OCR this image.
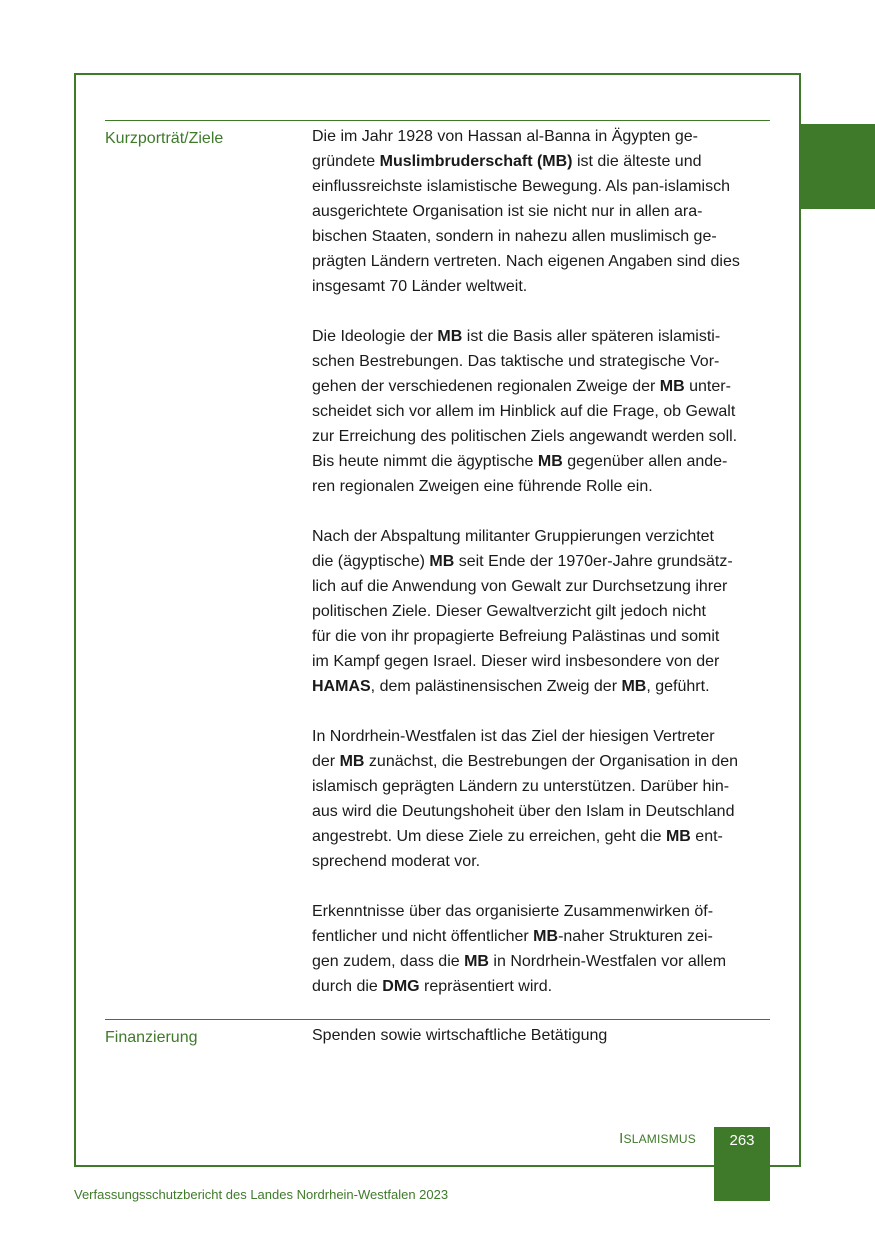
Kurzporträt/Ziele	Die im Jahr 1928 von Hassan al-Banna in Ägypten ge-
gründete Muslimbruderschaft (MB) ist die älteste und
einflussreichste islamistische Bewegung. Als pan-islamisch
ausgerichtete Organisation ist sie nicht nur in allen ara-
bischen Staaten, sondern in nahezu allen muslimisch ge-
prägten Ländern vertreten. Nach eigenen Angaben sind dies
insgesamt 70 Länder weltweit.

Die Ideologie der MB ist die Basis aller späteren islamisti-
schen Bestrebungen. Das taktische und strategische Vor-
gehen der verschiedenen regionalen Zweige der MB unter-
scheidet sich vor allem im Hinblick auf die Frage, ob Gewalt
zur Erreichung des politischen Ziels angewandt werden soll.
Bis heute nimmt die ägyptische MB gegenüber allen ande-
ren regionalen Zweigen eine führende Rolle ein.

Nach der Abspaltung militanter Gruppierungen verzichtet
die (ägyptische) MB seit Ende der 1970er-Jahre grundsätz-
lich auf die Anwendung von Gewalt zur Durchsetzung ihrer
politischen Ziele. Dieser Gewaltverzicht gilt jedoch nicht
für die von ihr propagierte Befreiung Palästinas und somit
im Kampf gegen Israel. Dieser wird insbesondere von der
HAMAS, dem palästinensischen Zweig der MB, geführt.

In Nordrhein-Westfalen ist das Ziel der hiesigen Vertreter
der MB zunächst, die Bestrebungen der Organisation in den
islamisch geprägten Ländern zu unterstützen. Darüber hin-
aus wird die Deutungshoheit über den Islam in Deutschland
angestrebt. Um diese Ziele zu erreichen, geht die MB ent-
sprechend moderat vor.

Erkenntnisse über das organisierte Zusammenwirken öf-
fentlicher und nicht öffentlicher MB-naher Strukturen zei-
gen zudem, dass die MB in Nordrhein-Westfalen vor allem
durch die DMG repräsentiert wird.

Finanzierung	Spenden sowie wirtschaftliche Betätigung

ISLAMISMUS	263
Verfassungsschutzbericht des Landes Nordrhein-Westfalen 2023
